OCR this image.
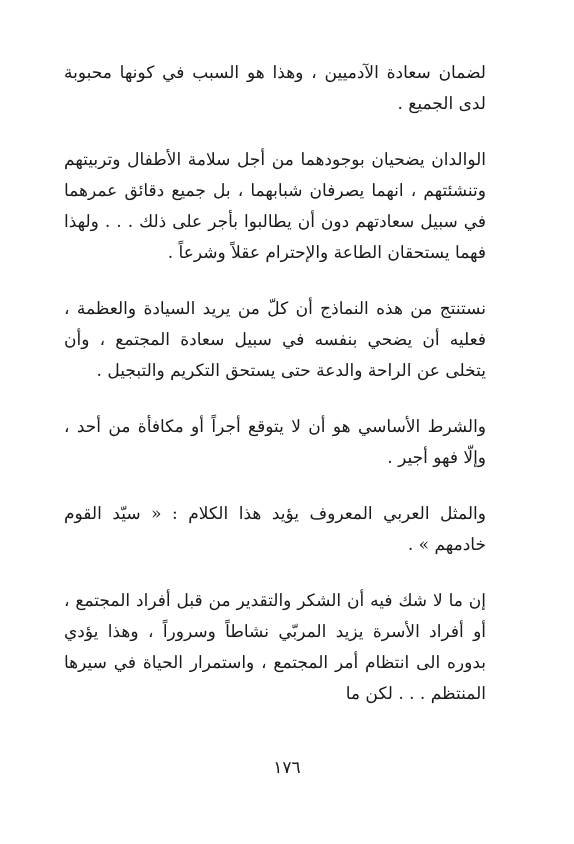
لضمان سعادة الآدميين ، وهذا هو السبب في كونها محبوبة لدى الجميع .

الوالدان يضحيان بوجودهما من أجل سلامة الأطفال وتربيتهم وتنشئتهم ، انهما يصرفان شبابهما ، بل جميع دقائق عمرهما في سبيل سعادتهم دون أن يطالبوا بأجر على ذلك . . . ولهذا فهما يستحقان الطاعة والإحترام عقلاً وشرعاً .

نستنتج من هذه النماذج أن كلّ من يريد السيادة والعظمة ، فعليه أن يضحي بنفسه في سبيل سعادة المجتمع ، وأن يتخلى عن الراحة والدعة حتى يستحق التكريم والتبجيل .

والشرط الأساسي هو أن لا يتوقع أجراً أو مكافأة من أحد ، وإلّا فهو أجير .

والمثل العربي المعروف يؤيد هذا الكلام : « سيّد القوم خادمهم » .

إن ما لا شك فيه أن الشكر والتقدير من قبل أفراد المجتمع ، أو أفراد الأسرة يزيد المربّي نشاطاً وسروراً ، وهذا يؤدي بدوره الى انتظام أمر المجتمع ، واستمرار الحياة في سيرها المنتظم . . . لكن ما

١٧٦
